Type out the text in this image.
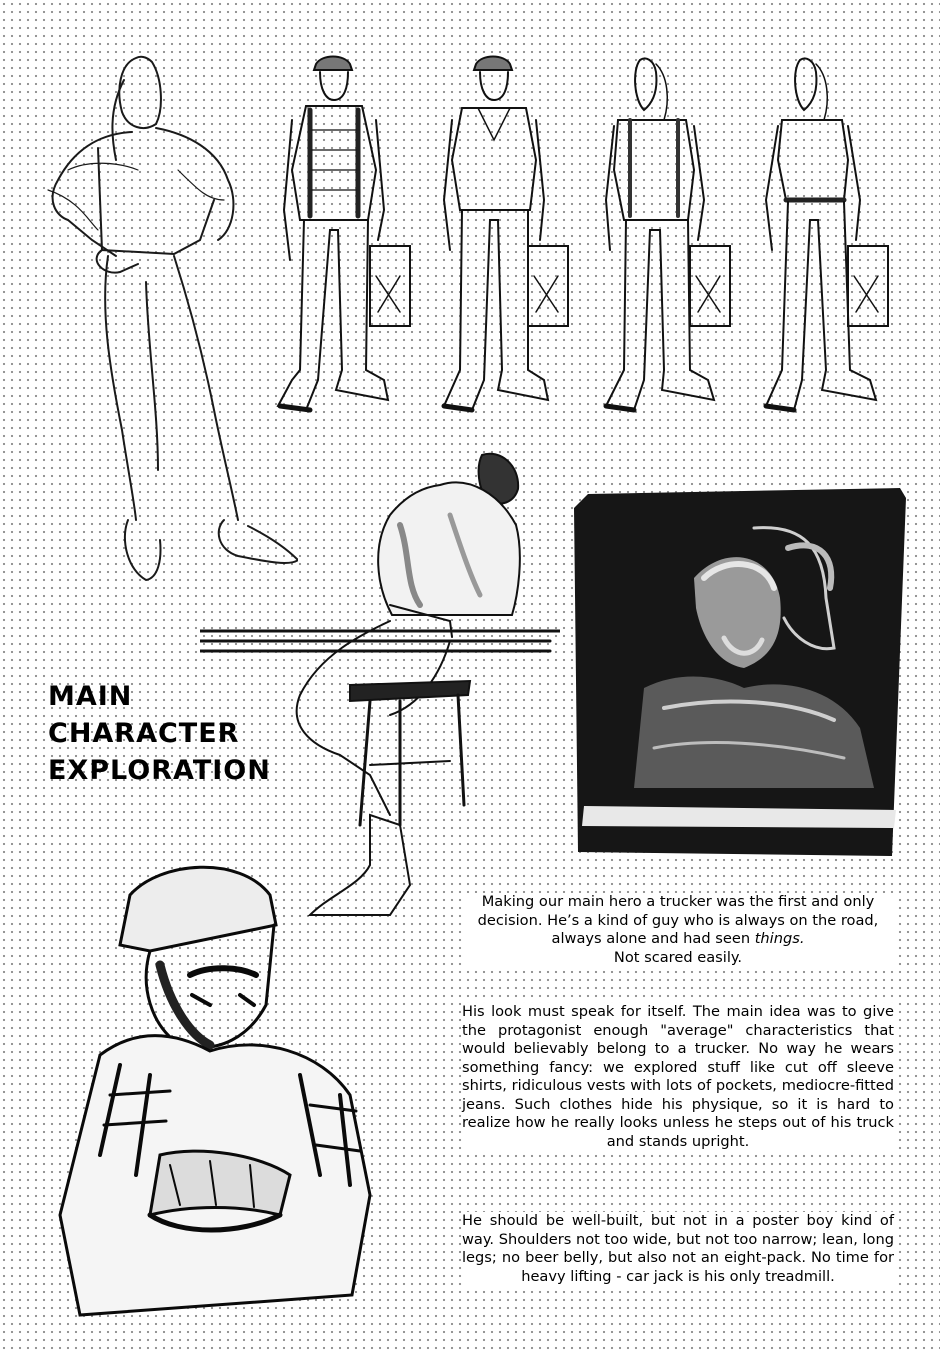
MAIN
CHARACTER
EXPLORATION

Making our main hero a trucker was the first and only decision. He’s a kind of guy who is always on the road, always alone and had seen things.
Not scared easily.

His look must speak for itself. The main idea was to give the protagonist enough "average" characteristics that would believably belong to a trucker. No way he wears something fancy: we explored stuff like cut off sleeve shirts, ridiculous vests with lots of pockets, mediocre-fitted jeans. Such clothes hide his physique, so it is hard to realize how he really looks unless he steps out of his truck and stands upright.

He should be well-built, but not in a poster boy kind of way. Shoulders not too wide, but not too narrow; lean, long legs; no beer belly, but also not an eight-pack. No time for heavy lifting - car jack is his only treadmill.
